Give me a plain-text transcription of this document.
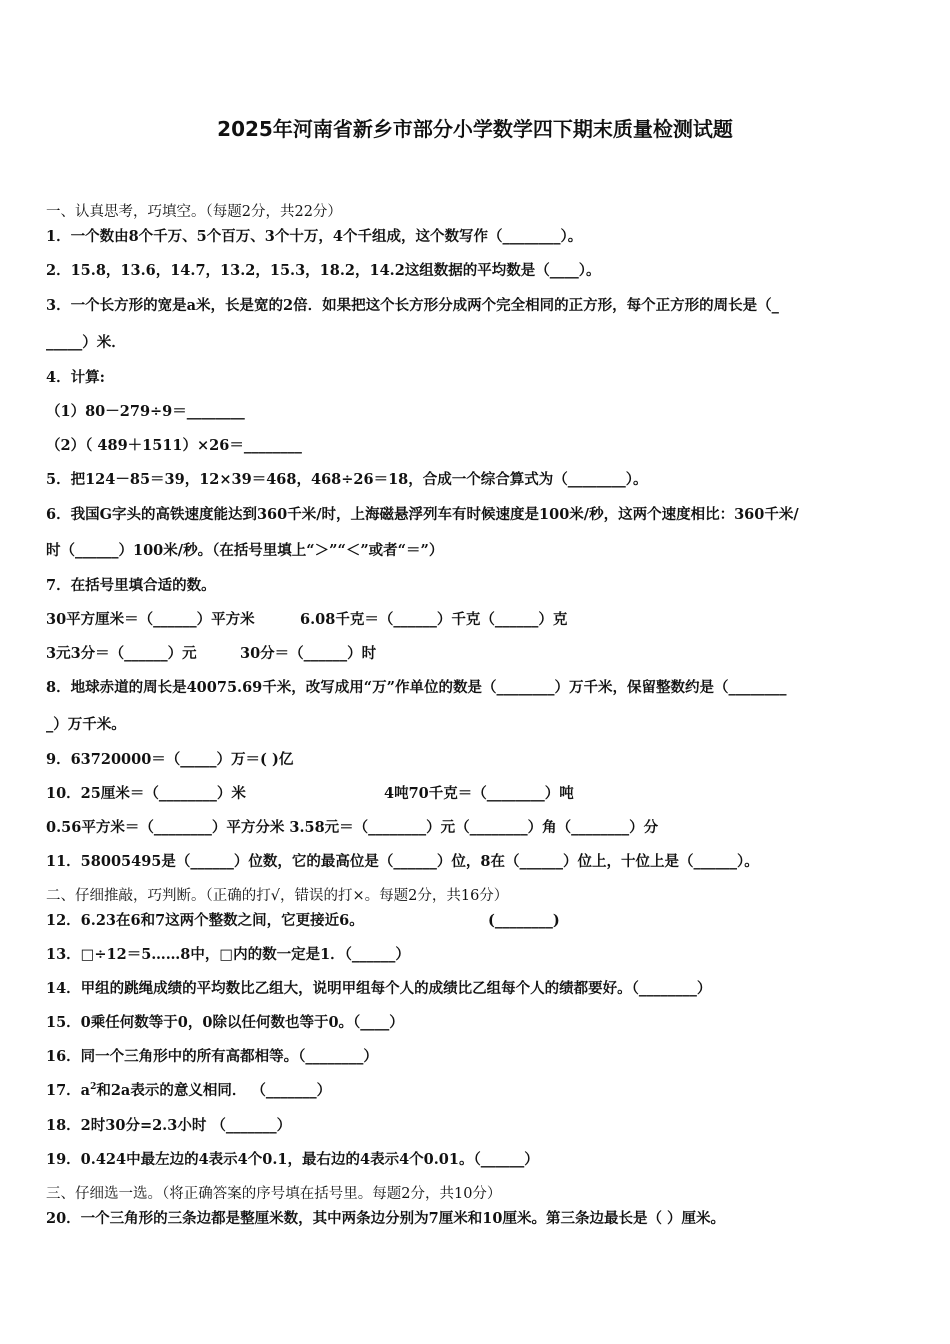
2025年河南省新乡市部分小学数学四下期末质量检测试题
一、认真思考，巧填空。（每题2分，共22分）
1．一个数由8个千万、5个百万、3个十万，4个千组成，这个数写作（________）。
2．15.8，13.6，14.7，13.2，15.3，18.2，14.2这组数据的平均数是（____）。
3．一个长方形的宽是a米，长是宽的2倍．如果把这个长方形分成两个完全相同的正方形，每个正方形的周长是（_
_____）米．
4．计算:
（1）80－279÷9＝________
（2）（ 489＋1511）×26＝________
5．把124－85＝39，12×39＝468，468÷26＝18，合成一个综合算式为（________）。
6．我国G字头的高铁速度能达到360千米/时，上海磁悬浮列车有时候速度是100米/秒，这两个速度相比：360千米/
时（______）100米/秒。（在括号里填上“＞”“＜”或者“＝”）
7．在括号里填合适的数。
30平方厘米＝（______）平方米	6.08千克＝（______）千克（______）克
3元3分＝（______）元	30分＝（______）时
8．地球赤道的周长是40075.69千米，改写成用“万”作单位的数是（________）万千米，保留整数约是（________
_）万千米。
9．63720000＝（_____）万＝( )亿
10．25厘米＝（________）米	4吨70千克＝（________）吨
0.56平方米＝（________）平方分米 3.58元＝（________）元（________）角（________）分
11．58005495是（______）位数，它的最高位是（______）位，8在（______）位上，十位上是（______）。
二、仔细推敲，巧判断。（正确的打√，错误的打×。每题2分，共16分）
12．6.23在6和7这两个整数之间，它更接近6。	(________)
13．□÷12＝5……8中，□内的数一定是1．（______）
14．甲组的跳绳成绩的平均数比乙组大，说明甲组每个人的成绩比乙组每个人的绩都要好。（________）
15．0乘任何数等于0，0除以任何数也等于0。（____）
16．同一个三角形中的所有高都相等。（________）
17．$a^2$和2a表示的意义相同． （_______）
18．2时30分=2.3小时 （_______）
19．0.424中最左边的4表示4个0.1，最右边的4表示4个0.01。（______）
三、仔细选一选。（将正确答案的序号填在括号里。每题2分，共10分）
20．一个三角形的三条边都是整厘米数，其中两条边分别为7厘米和10厘米。第三条边最长是（ ）厘米。
